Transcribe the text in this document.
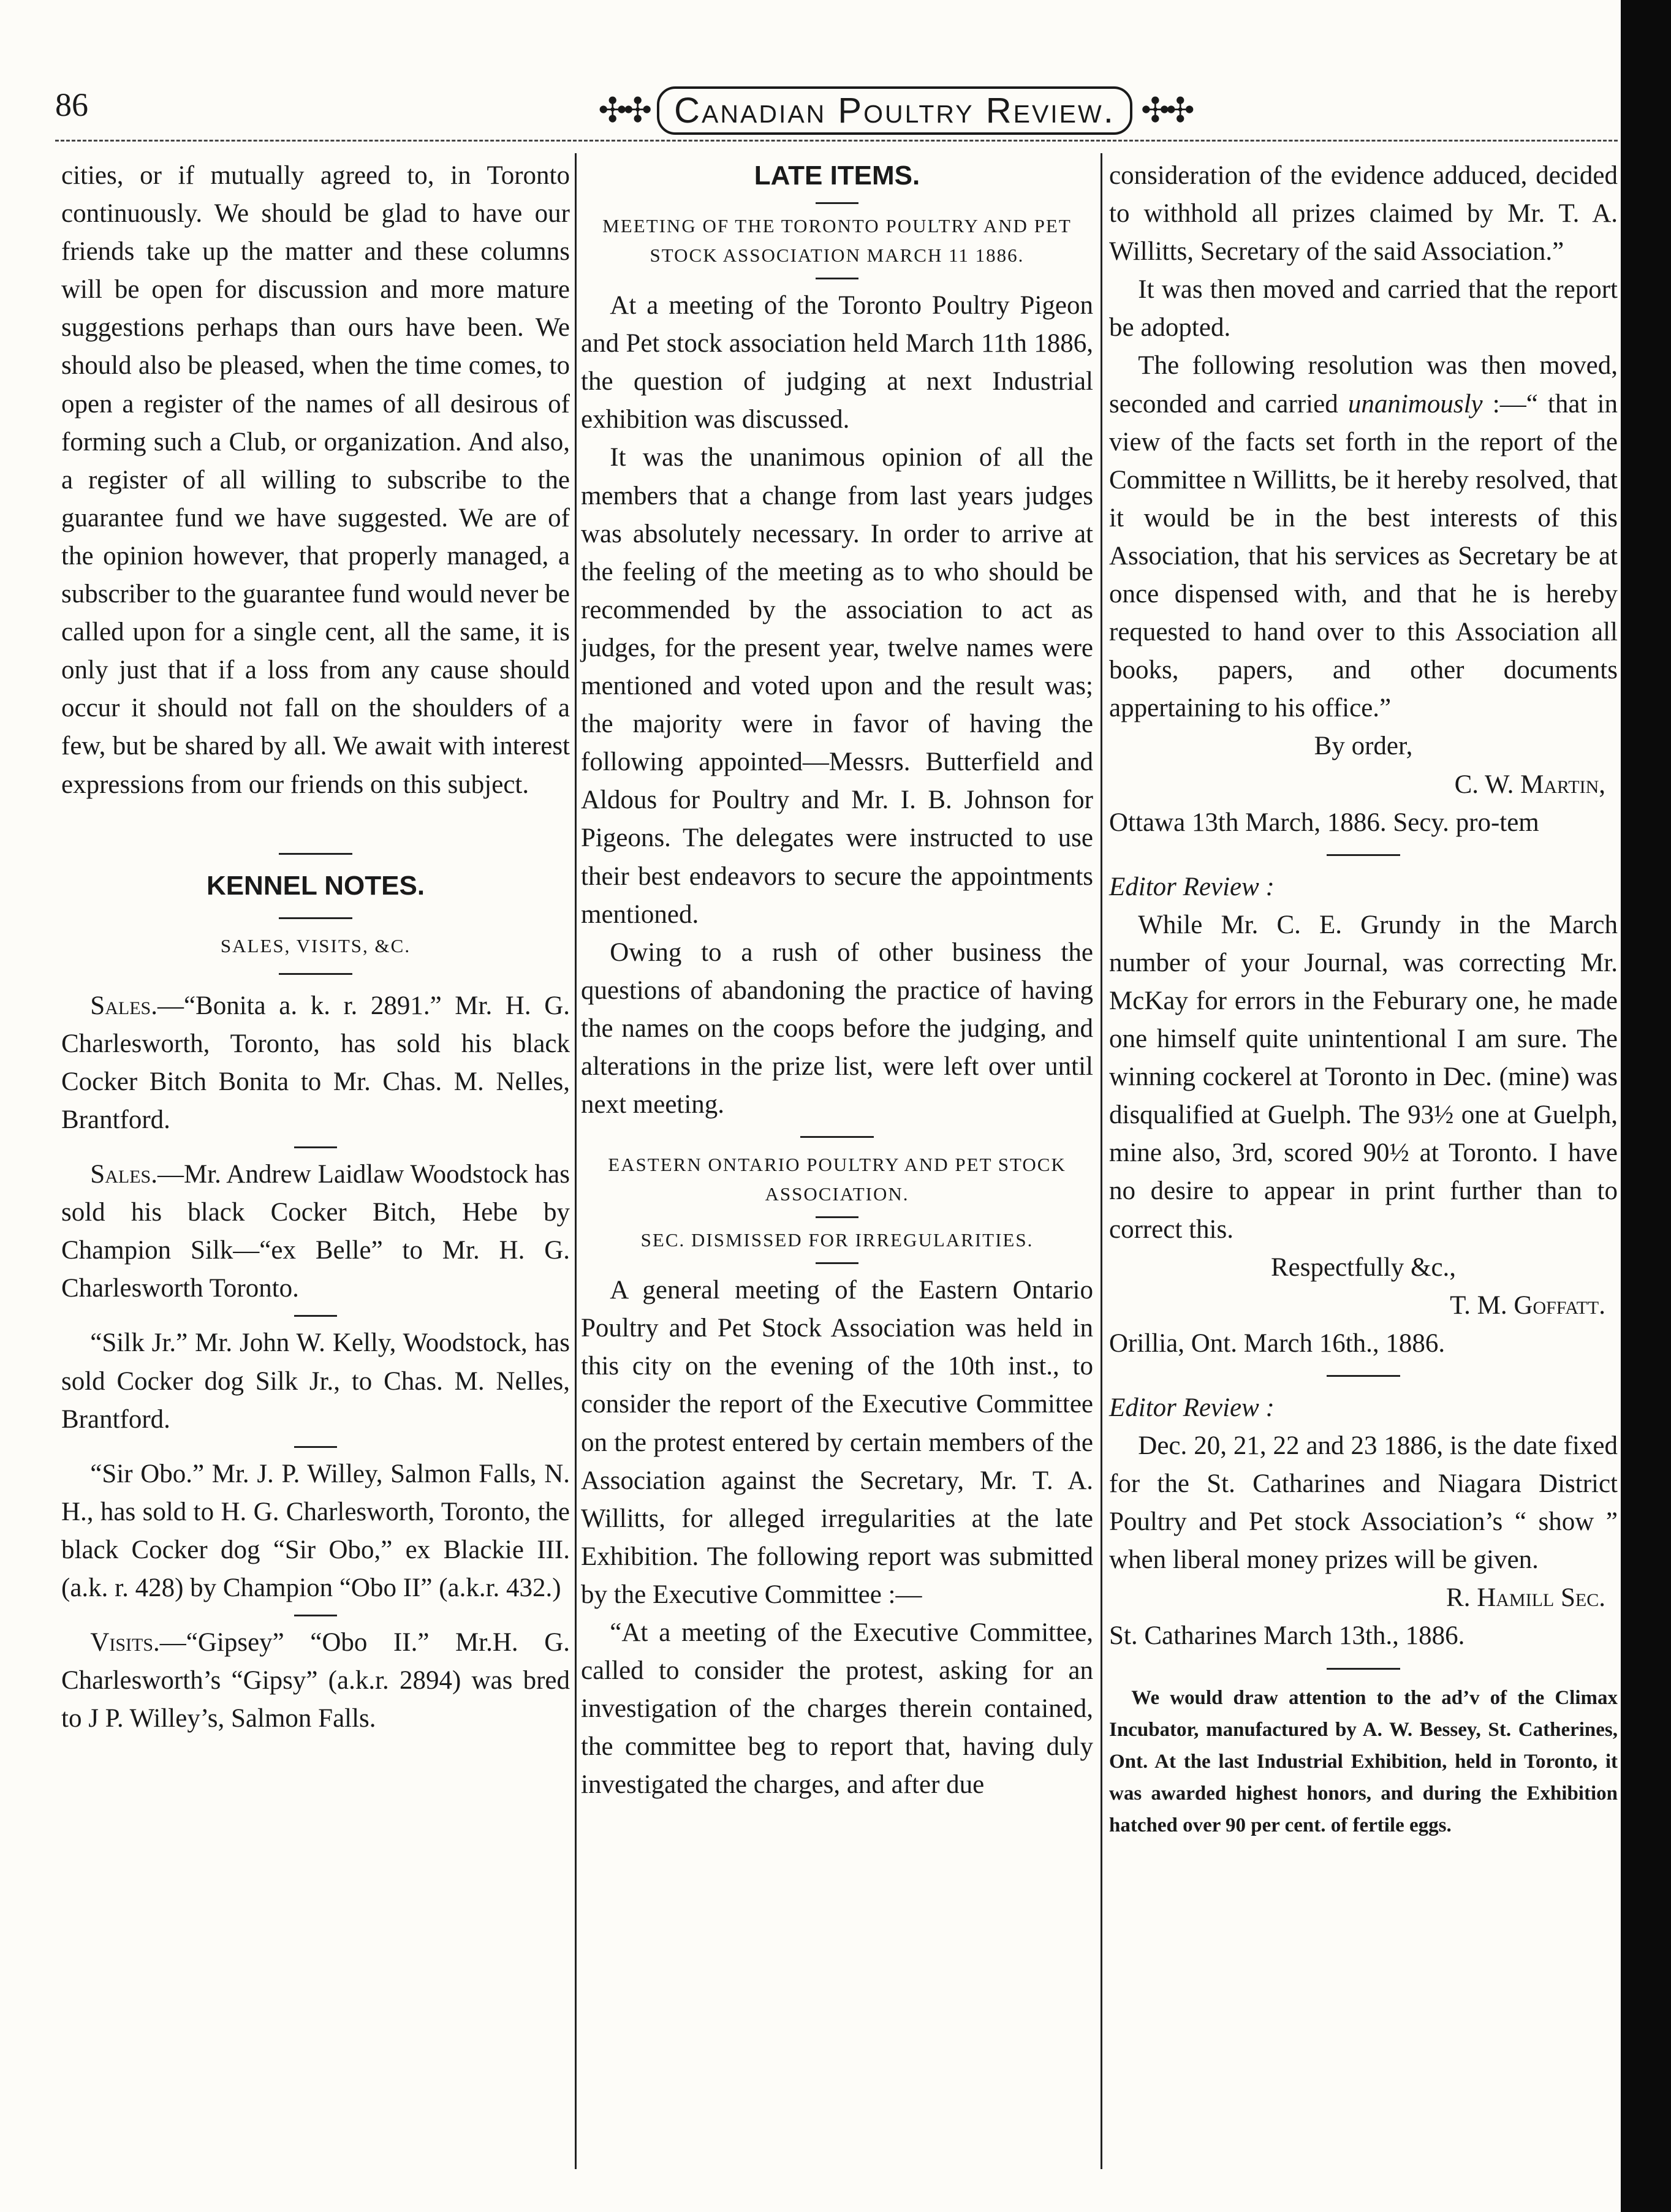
86	✣✣ Canadian Poultry Review. ✣✣

cities, or if mutually agreed to, in Toronto continuously. We should be glad to have our friends take up the matter and these columns will be open for discussion and more mature suggestions perhaps than ours have been. We should also be pleased, when the time comes, to open a register of the names of all desirous of forming such a Club, or organization. And also, a register of all willing to subscribe to the guarantee fund we have suggested. We are of the opinion however, that properly managed, a subscriber to the guarantee fund would never be called upon for a single cent, all the same, it is only just that if a loss from any cause should occur it should not fall on the shoulders of a few, but be shared by all. We await with interest expressions from our friends on this subject.

KENNEL NOTES.

SALES, VISITS, &C.

Sales.—“Bonita a. k. r. 2891.” Mr. H. G. Charlesworth, Toronto, has sold his black Cocker Bitch Bonita to Mr. Chas. M. Nelles, Brantford.

Sales.—Mr. Andrew Laidlaw Woodstock has sold his black Cocker Bitch, Hebe by Champion Silk—“ex Belle” to Mr. H. G. Charlesworth Toronto.

“Silk Jr.” Mr. John W. Kelly, Woodstock, has sold Cocker dog Silk Jr., to Chas. M. Nelles, Brantford.

“Sir Obo.” Mr. J. P. Willey, Salmon Falls, N. H., has sold to H. G. Charlesworth, Toronto, the black Cocker dog “Sir Obo,” ex Blackie III. (a.k. r. 428) by Champion “Obo II” (a.k.r. 432.)

Visits.—“Gipsey” “Obo II.” Mr.H. G. Charlesworth’s “Gipsy” (a.k.r. 2894) was bred to J P. Willey’s, Salmon Falls.

LATE ITEMS.

MEETING OF THE TORONTO POULTRY AND PET STOCK ASSOCIATION MARCH 11 1886.

At a meeting of the Toronto Poultry Pigeon and Pet stock association held March 11th 1886, the question of judging at next Industrial exhibition was discussed.

It was the unanimous opinion of all the members that a change from last years judges was absolutely necessary. In order to arrive at the feeling of the meeting as to who should be recommended by the association to act as judges, for the present year, twelve names were mentioned and voted upon and the result was; the majority were in favor of having the following appointed—Messrs. Butterfield and Aldous for Poultry and Mr. I. B. Johnson for Pigeons. The delegates were instructed to use their best endeavors to secure the appointments mentioned.

Owing to a rush of other business the questions of abandoning the practice of having the names on the coops before the judging, and alterations in the prize list, were left over until next meeting.

EASTERN ONTARIO POULTRY AND PET STOCK ASSOCIATION.

SEC. DISMISSED FOR IRREGULARITIES.

A general meeting of the Eastern Ontario Poultry and Pet Stock Association was held in this city on the evening of the 10th inst., to consider the report of the Executive Committee on the protest entered by certain members of the Association against the Secretary, Mr. T. A. Willitts, for alleged irregularities at the late Exhibition. The following report was submitted by the Executive Committee :—

“At a meeting of the Executive Committee, called to consider the protest, asking for an investigation of the charges therein contained, the committee beg to report that, having duly investigated the charges, and after due

consideration of the evidence adduced, decided to withhold all prizes claimed by Mr. T. A. Willitts, Secretary of the said Association.”

It was then moved and carried that the report be adopted.

The following resolution was then moved, seconded and carried unanimously :—“ that in view of the facts set forth in the report of the Committee n Willitts, be it hereby resolved, that it would be in the best interests of this Association, that his services as Secretary be at once dispensed with, and that he is hereby requested to hand over to this Association all books, papers, and other documents appertaining to his office.”

By order,

C. W. Martin,

Ottawa 13th March, 1886. Secy. pro-tem

Editor Review :

While Mr. C. E. Grundy in the March number of your Journal, was correcting Mr. McKay for errors in the Feburary one, he made one himself quite unintentional I am sure. The winning cockerel at Toronto in Dec. (mine) was disqualified at Guelph. The 93½ one at Guelph, mine also, 3rd, scored 90½ at Toronto. I have no desire to appear in print further than to correct this.

Respectfully &c.,

T. M. Goffatt.

Orillia, Ont. March 16th., 1886.

Editor Review :

Dec. 20, 21, 22 and 23 1886, is the date fixed for the St. Catharines and Niagara District Poultry and Pet stock Association’s “ show ” when liberal money prizes will be given.

R. Hamill Sec.

St. Catharines March 13th., 1886.

We would draw attention to the ad’v of the Climax Incubator, manufactured by A. W. Bessey, St. Catherines, Ont. At the last Industrial Exhibition, held in Toronto, it was awarded highest honors, and during the Exhibition hatched over 90 per cent. of fertile eggs.
